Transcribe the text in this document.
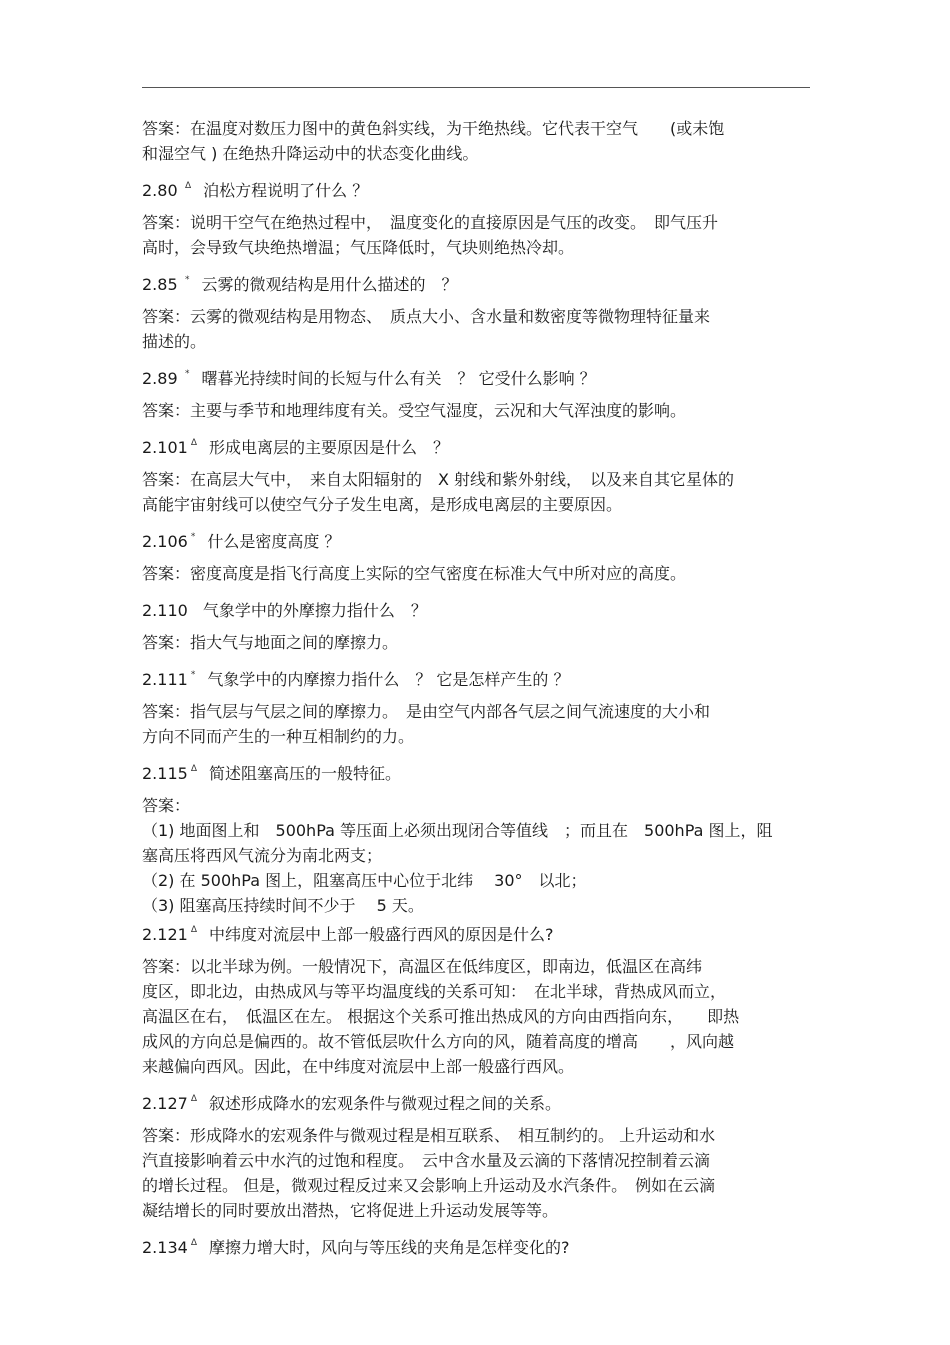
答案：在温度对数压力图中的黄色斜实线，为干绝热线。它代表干空气　　(或未饱
和湿空气 ) 在绝热升降运动中的状态变化曲线。
2.80 $^\Delta$ 泊松方程说明了什么 ？
答案：说明干空气在绝热过程中，　温度变化的直接原因是气压的改变。　即气压升
高时，会导致气块绝热增温；气压降低时，气块则绝热冷却。
2.85 * 云雾的微观结构是用什么描述的　？
答案：云雾的微观结构是用物态、　质点大小、含水量和数密度等微物理特征量来
描述的。
2.89 * 曙暮光持续时间的长短与什么有关　？ 它受什么影响 ？
答案：主要与季节和地理纬度有关。受空气湿度，云况和大气浑浊度的影响。
2.101 $^\Delta$ 形成电离层的主要原因是什么　？
答案：在高层大气中，　来自太阳辐射的　X 射线和紫外射线，　以及来自其它星体的
高能宇宙射线可以使空气分子发生电离，是形成电离层的主要原因。
2.106 * 什么是密度高度 ？
答案：密度高度是指飞行高度上实际的空气密度在标准大气中所对应的高度。
2.110 气象学中的外摩擦力指什么　？
答案：指大气与地面之间的摩擦力。
2.111 * 气象学中的内摩擦力指什么　？ 它是怎样产生的 ？
答案：指气层与气层之间的摩擦力。　是由空气内部各气层之间气流速度的大小和
方向不同而产生的一种互相制约的力。
2.115 $^\Delta$ 简述阻塞高压的一般特征。
答案：
（1) 地面图上和　500hPa 等压面上必须出现闭合等值线　；而且在　500hPa 图上，阻
塞高压将西风气流分为南北两支；
（2) 在 500hPa 图上，阻塞高压中心位于北纬　 30°　以北；
（3) 阻塞高压持续时间不少于　 5 天。
2.121 $^\Delta$ 中纬度对流层中上部一般盛行西风的原因是什么?
答案：以北半球为例。一般情况下，高温区在低纬度区，即南边，低温区在高纬
度区，即北边，由热成风与等平均温度线的关系可知：　在北半球，背热成风而立，
高温区在右，　低温区在左。 根据这个关系可推出热成风的方向由西指向东，　　即热
成风的方向总是偏西的。故不管低层吹什么方向的风，随着高度的增高　　，风向越
来越偏向西风。因此，在中纬度对流层中上部一般盛行西风。
2.127 $^\Delta$ 叙述形成降水的宏观条件与微观过程之间的关系。
答案：形成降水的宏观条件与微观过程是相互联系、　相互制约的。 上升运动和水
汽直接影响着云中水汽的过饱和程度。　云中含水量及云滴的下落情况控制着云滴
的增长过程。 但是，微观过程反过来又会影响上升运动及水汽条件。　例如在云滴
凝结增长的同时要放出潜热，它将促进上升运动发展等等。
2.134 $^\Delta$ 摩擦力增大时，风向与等压线的夹角是怎样变化的?
